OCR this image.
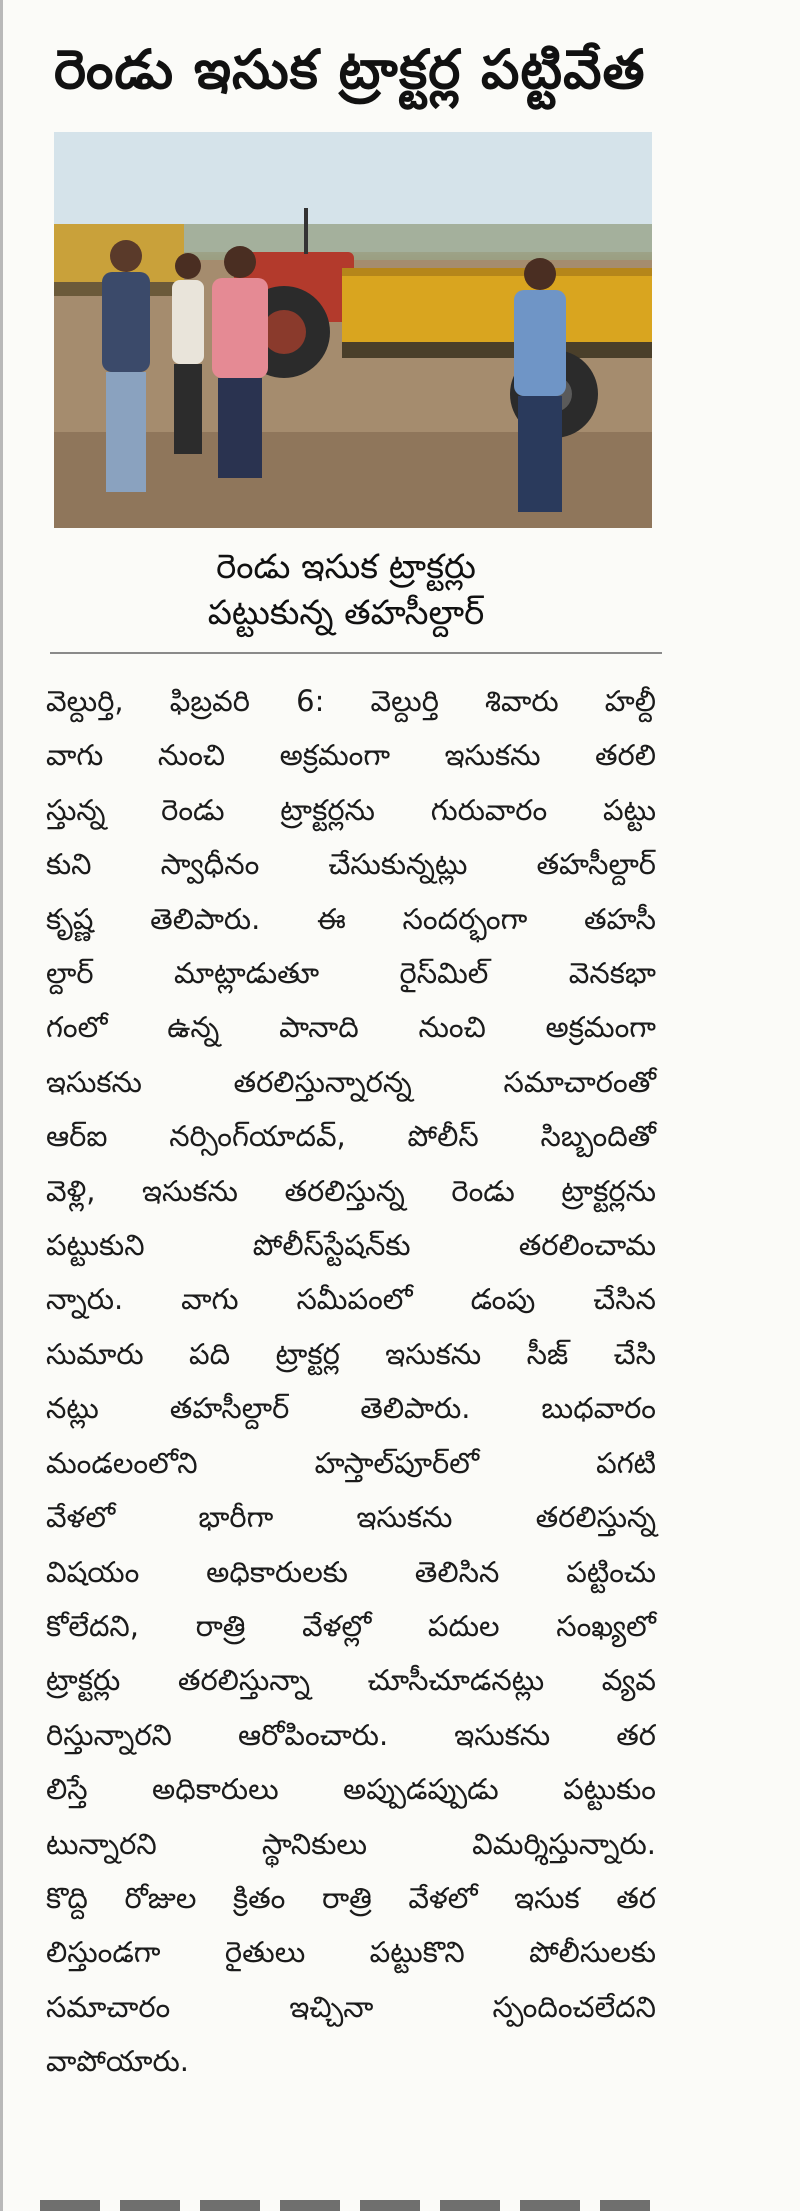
రెండు ఇసుక ట్రాక్టర్ల పట్టివేత
రెండు ఇసుక ట్రాక్టర్లు
పట్టుకున్న తహసీల్దార్
వెల్దుర్తి, ఫిబ్రవరి 6: వెల్దుర్తి శివారు హల్దీ
వాగు నుంచి అక్రమంగా ఇసుకను తరలి
స్తున్న రెండు ట్రాక్టర్లను గురువారం పట్టు
కుని స్వాధీనం చేసుకున్నట్లు తహసీల్దార్
కృష్ణ తెలిపారు. ఈ సందర్భంగా తహసీ
ల్దార్ మాట్లాడుతూ రైస్‌మిల్ వెనకభా
గంలో ఉన్న పానాది నుంచి అక్రమంగా
ఇసుకను తరలిస్తున్నారన్న సమాచారంతో
ఆర్‌ఐ నర్సింగ్‌యాదవ్, పోలీస్ సిబ్బందితో
వెళ్లి, ఇసుకను తరలిస్తున్న రెండు ట్రాక్టర్లను
పట్టుకుని పోలీస్‌స్టేషన్‌కు తరలించామ
న్నారు. వాగు సమీపంలో డంపు చేసిన
సుమారు పది ట్రాక్టర్ల ఇసుకను సీజ్ చేసి
నట్లు తహసీల్దార్ తెలిపారు. బుధవారం
మండలంలోని హస్తాల్‌పూర్‌లో పగటి
వేళలో భారీగా ఇసుకను తరలిస్తున్న
విషయం అధికారులకు తెలిసిన పట్టించు
కోలేదని, రాత్రి వేళల్లో పదుల సంఖ్యలో
ట్రాక్టర్లు తరలిస్తున్నా చూసీచూడనట్లు వ్యవ
రిస్తున్నారని ఆరోపించారు. ఇసుకను తర
లిస్తే అధికారులు అప్పుడప్పుడు పట్టుకుం
టున్నారని స్థానికులు విమర్శిస్తున్నారు.
కొద్ది రోజుల క్రితం రాత్రి వేళలో ఇసుక తర
లిస్తుండగా రైతులు పట్టుకొని పోలీసులకు
సమాచారం ఇచ్చినా స్పందించలేదని
వాపోయారు.
